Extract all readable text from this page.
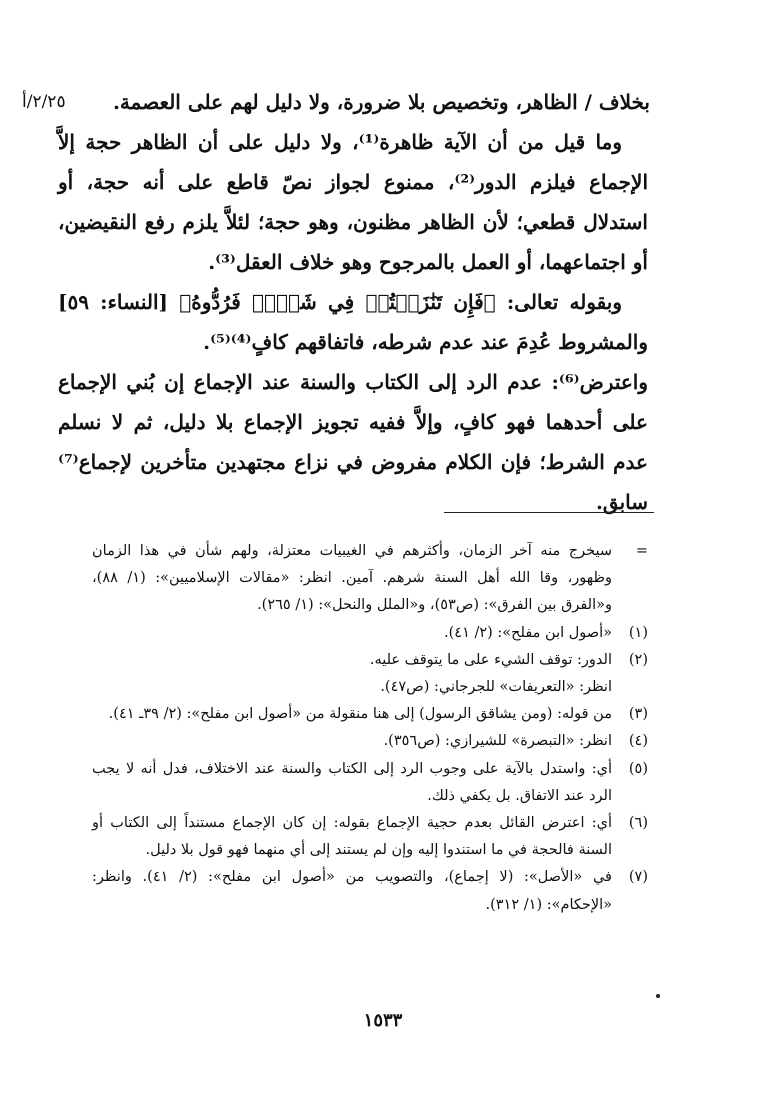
٢/٢٥/أ	بخلاف / الظاهر، وتخصيص بلا ضرورة، ولا دليل لهم على العصمة.

وما قيل من أن الآية ظاهرة⁽¹⁾، ولا دليل على أن الظاهر حجة إلاَّ الإجماع فيلزم الدور⁽²⁾، ممنوع لجواز نصّ قاطع على أنه حجة، أو استدلال قطعي؛ لأن الظاهر مظنون، وهو حجة؛ لئلاَّ يلزم رفع النقيضين، أو اجتماعهما، أو العمل بالمرجوح وهو خلاف العقل⁽³⁾.

وبقوله تعالى: ﴿فَإِن تَنَٰزَعۡتُمۡ فِي شَيۡءٖ فَرُدُّوهُ﴾ [النساء: ٥٩] والمشروط عُدِمَ عند عدم شرطه، فاتفاقهم كافٍ⁽⁴⁾⁽⁵⁾.

واعترض⁽⁶⁾: عدم الرد إلى الكتاب والسنة عند الإجماع إن بُني الإجماع على أحدهما فهو كافٍ، وإلاَّ ففيه تجويز الإجماع بلا دليل، ثم لا نسلم عدم الشرط؛ فإن الكلام مفروض في نزاع مجتهدين متأخرين لإجماع⁽⁷⁾ سابق.

=
سيخرج منه آخر الزمان، وأكثرهم في الغيبيات معتزلة، ولهم شأن في هذا الزمان وظهور، وقا الله أهل السنة شرهم. آمين. انظر: «مقالات الإسلاميين»: (١/ ٨٨)، و«الفرق بين الفرق»: (ص٥٣)، و«الملل والنحل»: (١/ ٢٦٥).
(١)
«أصول ابن مفلح»: (٢/ ٤١).
(٢)
الدور: توقف الشيء على ما يتوقف عليه.
انظر: «التعريفات» للجرجاني: (ص٤٧).
(٣)
من قوله: (ومن يشاقق الرسول) إلى هنا منقولة من «أصول ابن مفلح»: (٢/ ٣٩ـ ٤١).
(٤)
انظر: «التبصرة» للشيرازي: (ص٣٥٦).
(٥)
أي: واستدل بالآية على وجوب الرد إلى الكتاب والسنة عند الاختلاف، فدل أنه لا يجب الرد عند الاتفاق. بل يكفي ذلك.
(٦)
أي: اعترض القائل بعدم حجية الإجماع بقوله: إن كان الإجماع مستنداً إلى الكتاب أو السنة فالحجة في ما استندوا إليه وإن لم يستند إلى أي منهما فهو قول بلا دليل.
(٧)
في «الأصل»: (لا إجماع)، والتصويب من «أصول ابن مفلح»: (٢/ ٤١). وانظر: «الإحكام»: (١/ ٣١٢).
١٥٣٣
